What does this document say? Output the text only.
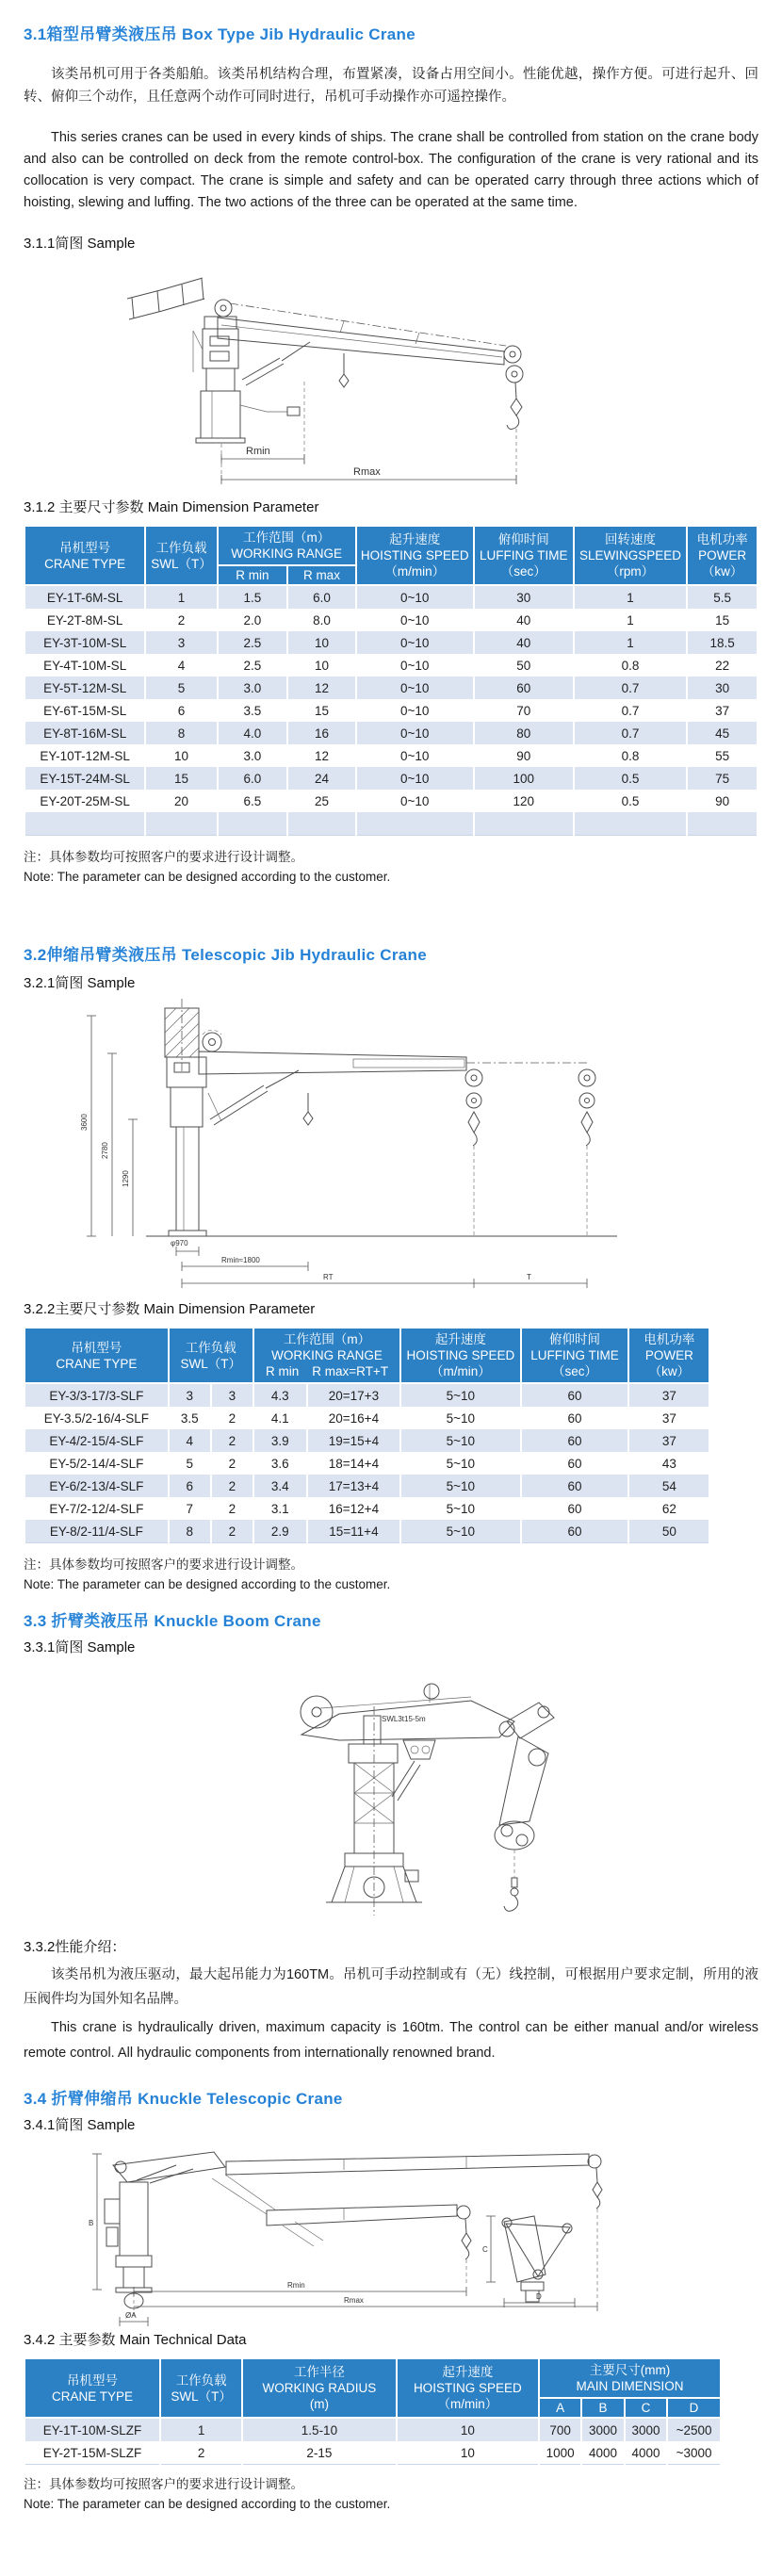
3.1箱型吊臂类液压吊 Box Type Jib Hydraulic Crane

该类吊机可用于各类船舶。该类吊机结构合理，布置紧凑，设备占用空间小。性能优越，操作方便。可进行起升、回转、俯仰三个动作，且任意两个动作可同时进行，吊机可手动操作亦可遥控操作。

This series cranes can be used in every kinds of ships. The crane shall be controlled from station on the crane body and also can be controlled on deck from the remote control-box. The configuration of the crane is very rational and its collocation is very compact. The crane is simple and safety and can be operated carry through three actions which of hoisting, slewing and luffing. The two actions of the three can be operated at the same time.

3.1.1简图 Sample
Rmin
Rmax
3.1.2 主要尺寸参数 Main Dimension Parameter
吊机型号
CRANE TYPE

工作负载
SWL（T）

工作范围（m）
WORKING RANGE

起升速度
HOISTING SPEED
（m/min）

俯仰时间
LUFFING TIME
（sec）

回转速度
SLEWINGSPEED
（rpm）

电机功率
POWER
（kw）

		R min	R max				
EY-1T-6M-SL	1	1.5	6.0	0~10	30	1	5.5
EY-2T-8M-SL	2	2.0	8.0	0~10	40	1	15
EY-3T-10M-SL	3	2.5	10	0~10	40	1	18.5
EY-4T-10M-SL	4	2.5	10	0~10	50	0.8	22
EY-5T-12M-SL	5	3.0	12	0~10	60	0.7	30
EY-6T-15M-SL	6	3.5	15	0~10	70	0.7	37
EY-8T-16M-SL	8	4.0	16	0~10	80	0.7	45
EY-10T-12M-SL	10	3.0	12	0~10	90	0.8	55
EY-15T-24M-SL	15	6.0	24	0~10	100	0.5	75
EY-20T-25M-SL	20	6.5	25	0~10	120	0.5	90

注：具体参数均可按照客户的要求进行设计调整。

Note: The parameter can be designed according to the customer.

3.2伸缩吊臂类液压吊 Telescopic Jib Hydraulic Crane
3.2.1简图 Sample
3600
2780
1290
φ970
Rmin≈1800
RT	T
3.2.2主要尺寸参数 Main Dimension Parameter
吊机型号
CRANE TYPE

工作负载
SWL（T）

工作范围（m）
WORKING RANGE
R min R max=RT+T

起升速度
HOISTING SPEED
（m/min）

俯仰时间
LUFFING TIME
（sec）

电机功率
POWER
（kw）

EY-3/3-17/3-SLF	3	3	4.3	20=17+3	5~10	60	37
EY-3.5/2-16/4-SLF	3.5	2	4.1	20=16+4	5~10	60	37
EY-4/2-15/4-SLF	4	2	3.9	19=15+4	5~10	60	37
EY-5/2-14/4-SLF	5	2	3.6	18=14+4	5~10	60	43
EY-6/2-13/4-SLF	6	2	3.4	17=13+4	5~10	60	54
EY-7/2-12/4-SLF	7	2	3.1	16=12+4	5~10	60	62
EY-8/2-11/4-SLF	8	2	2.9	15=11+4	5~10	60	50

注：具体参数均可按照客户的要求进行设计调整。

Note: The parameter can be designed according to the customer.

3.3 折臂类液压吊 Knuckle Boom Crane
3.3.1简图 Sample
SWL3t15-5m
3.3.2性能介绍：

该类吊机为液压驱动，最大起吊能力为160TM。吊机可手动控制或有（无）线控制，可根据用户要求定制，所用的液压阀件均为国外知名品牌。

This crane is hydraulically driven, maximum capacity is 160tm. The control can be either manual and/or wireless remote control. All hydraulic components from internationally renowned brand.

3.4 折臂伸缩吊 Knuckle Telescopic Crane
3.4.1简图 Sample
B
C
D
Rmin
Rmax
ØA
3.4.2 主要参数 Main Technical Data
吊机型号
CRANE TYPE

工作负载
SWL（T）

工作半径
WORKING RADIUS
(m)

起升速度
HOISTING SPEED
（m/min）

主要尺寸(mm)
MAIN DIMENSION

				A	B	C	D
EY-1T-10M-SLZF	1	1.5-10	10	700	3000	3000	~2500
EY-2T-15M-SLZF	2	2-15	10	1000	4000	4000	~3000

注：具体参数均可按照客户的要求进行设计调整。

Note: The parameter can be designed according to the customer.
